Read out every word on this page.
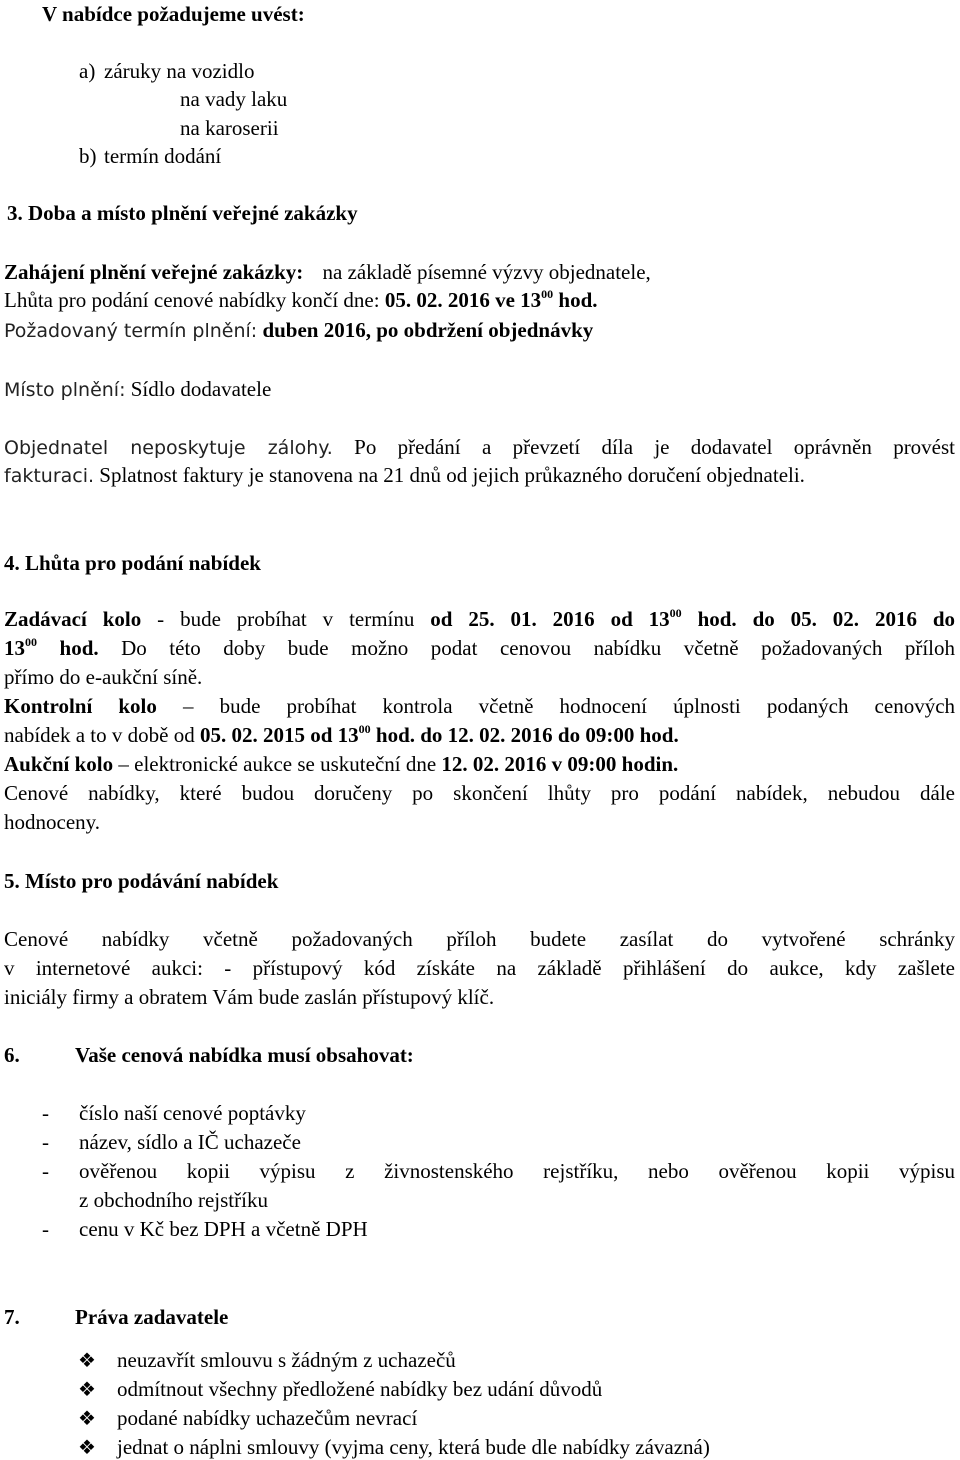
V nabídce požadujeme uvést:
a) záruky na vozidlo
na vady laku
na karoserii
b) termín dodání
3. Doba a místo plnění veřejné zakázky
Zahájení plnění veřejné zakázky: na základě písemné výzvy objednatele,
Lhůta pro podání cenové nabídky končí dne: 05. 02. 2016 ve $13^{00}$ hod.
Požadovaný termín plnění: duben 2016, po obdržení objednávky
Místo plnění: Sídlo dodavatele
Objednatel neposkytuje zálohy. Po předání a převzetí díla je dodavatel oprávněn provést
fakturaci. Splatnost faktury je stanovena na 21 dnů od jejich průkazného doručení objednateli.
4. Lhůta pro podání nabídek
Zadávací kolo - bude probíhat v termínu od 25. 01. 2016 od $13^{00}$ hod. do 05. 02. 2016 do
$13^{00}$ hod. Do této doby bude možno podat cenovou nabídku včetně požadovaných příloh
přímo do e-aukční síně.
Kontrolní kolo – bude probíhat kontrola včetně hodnocení úplnosti podaných cenových
nabídek a to v době od 05. 02. 2015 od $13^{00}$ hod. do 12. 02. 2016 do 09:00 hod.
Aukční kolo – elektronické aukce se uskuteční dne 12. 02. 2016 v 09:00 hodin.
Cenové nabídky, které budou doručeny po skončení lhůty pro podání nabídek, nebudou dále
hodnoceny.
5. Místo pro podávání nabídek
Cenové nabídky včetně požadovaných příloh budete zasílat do vytvořené schránky
v internetové aukci: - přístupový kód získáte na základě přihlášení do aukce, kdy zašlete
iniciály firmy a obratem Vám bude zaslán přístupový klíč.
6.	Vaše cenová nabídka musí obsahovat:
- číslo naší cenové poptávky
- název, sídlo a IČ uchazeče
- ověřenou kopii výpisu z živnostenského rejstříku, nebo ověřenou kopii výpisu
z obchodního rejstříku
- cenu v Kč bez DPH a včetně DPH
7.	Práva zadavatele
❖ neuzavřít smlouvu s žádným z uchazečů
❖ odmítnout všechny předložené nabídky bez udání důvodů
❖ podané nabídky uchazečům nevrací
❖ jednat o náplni smlouvy (vyjma ceny, která bude dle nabídky závazná)
